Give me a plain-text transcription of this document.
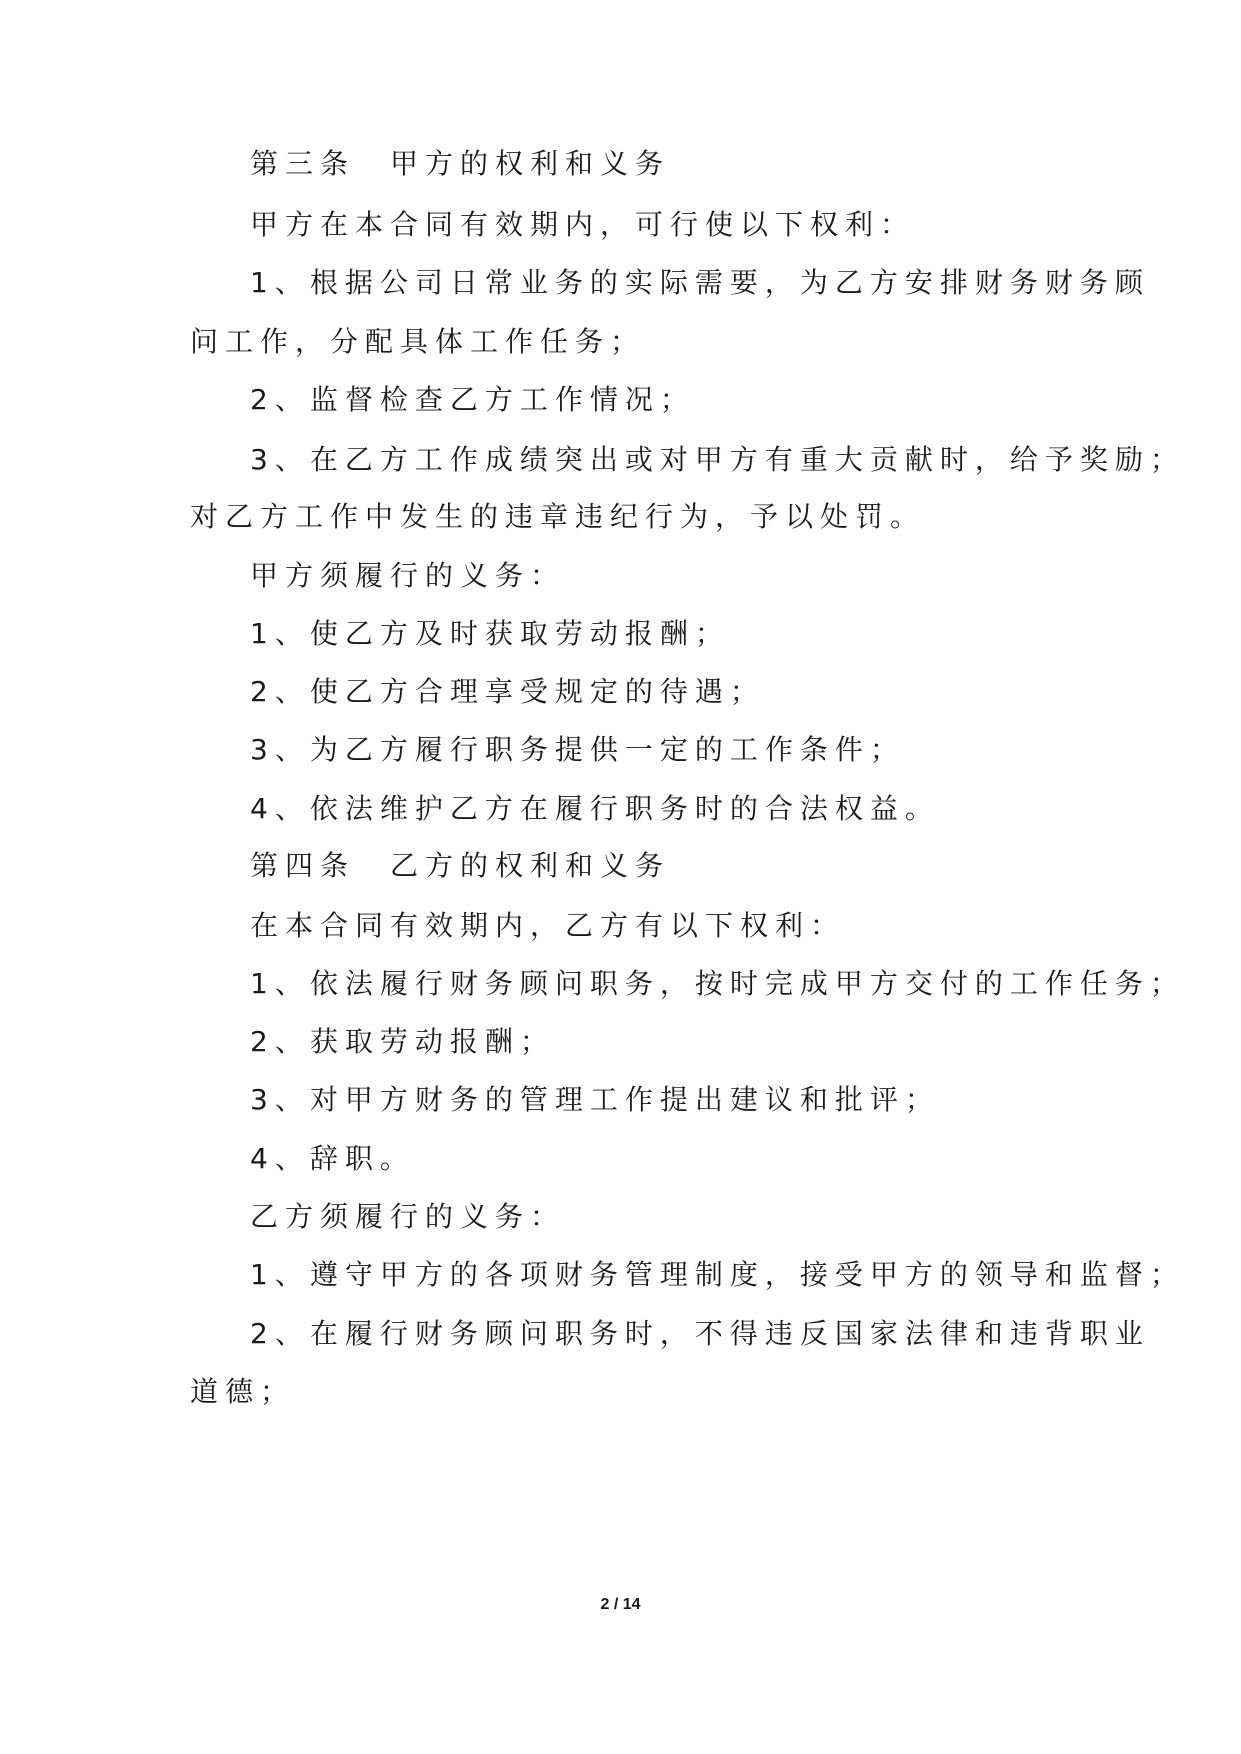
第三条　甲方的权利和义务
甲方在本合同有效期内，可行使以下权利：
1、根据公司日常业务的实际需要，为乙方安排财务财务顾
问工作，分配具体工作任务；
2、监督检查乙方工作情况；
3、在乙方工作成绩突出或对甲方有重大贡献时，给予奖励；
对乙方工作中发生的违章违纪行为，予以处罚。
甲方须履行的义务：
1、使乙方及时获取劳动报酬；
2、使乙方合理享受规定的待遇；
3、为乙方履行职务提供一定的工作条件；
4、依法维护乙方在履行职务时的合法权益。
第四条　乙方的权利和义务
在本合同有效期内，乙方有以下权利：
1、依法履行财务顾问职务，按时完成甲方交付的工作任务；
2、获取劳动报酬；
3、对甲方财务的管理工作提出建议和批评；
4、辞职。
乙方须履行的义务：
1、遵守甲方的各项财务管理制度，接受甲方的领导和监督；
2、在履行财务顾问职务时，不得违反国家法律和违背职业
道德；
2 / 14
